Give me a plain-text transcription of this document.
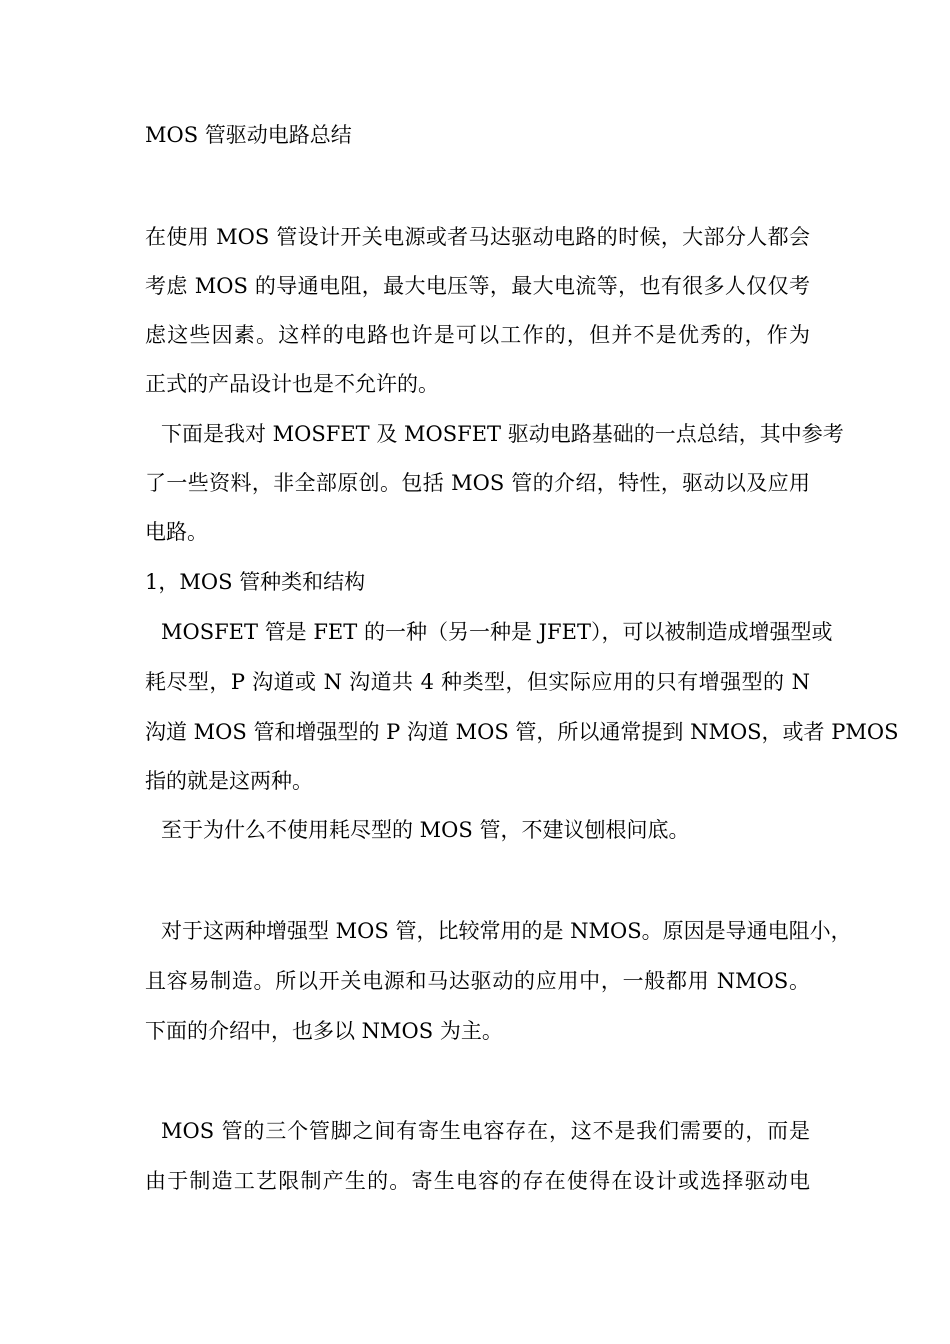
MOS 管驱动电路总结
在使用 MOS 管设计开关电源或者马达驱动电路的时候，大部分人都会
考虑 MOS 的导通电阻，最大电压等，最大电流等，也有很多人仅仅考
虑这些因素。这样的电路也许是可以工作的，但并不是优秀的，作为
正式的产品设计也是不允许的。
下面是我对 MOSFET 及 MOSFET 驱动电路基础的一点总结，其中参考
了一些资料，非全部原创。包括 MOS 管的介绍，特性，驱动以及应用
电路。
1，MOS 管种类和结构
MOSFET 管是 FET 的一种（另一种是 JFET），可以被制造成增强型或
耗尽型，P 沟道或 N 沟道共 4 种类型，但实际应用的只有增强型的 N
沟道 MOS 管和增强型的 P 沟道 MOS 管，所以通常提到 NMOS，或者 PMOS
指的就是这两种。
至于为什么不使用耗尽型的 MOS 管，不建议刨根问底。
对于这两种增强型 MOS 管，比较常用的是 NMOS。原因是导通电阻小，
且容易制造。所以开关电源和马达驱动的应用中，一般都用 NMOS。
下面的介绍中，也多以 NMOS 为主。
MOS 管的三个管脚之间有寄生电容存在，这不是我们需要的，而是
由于制造工艺限制产生的。寄生电容的存在使得在设计或选择驱动电
